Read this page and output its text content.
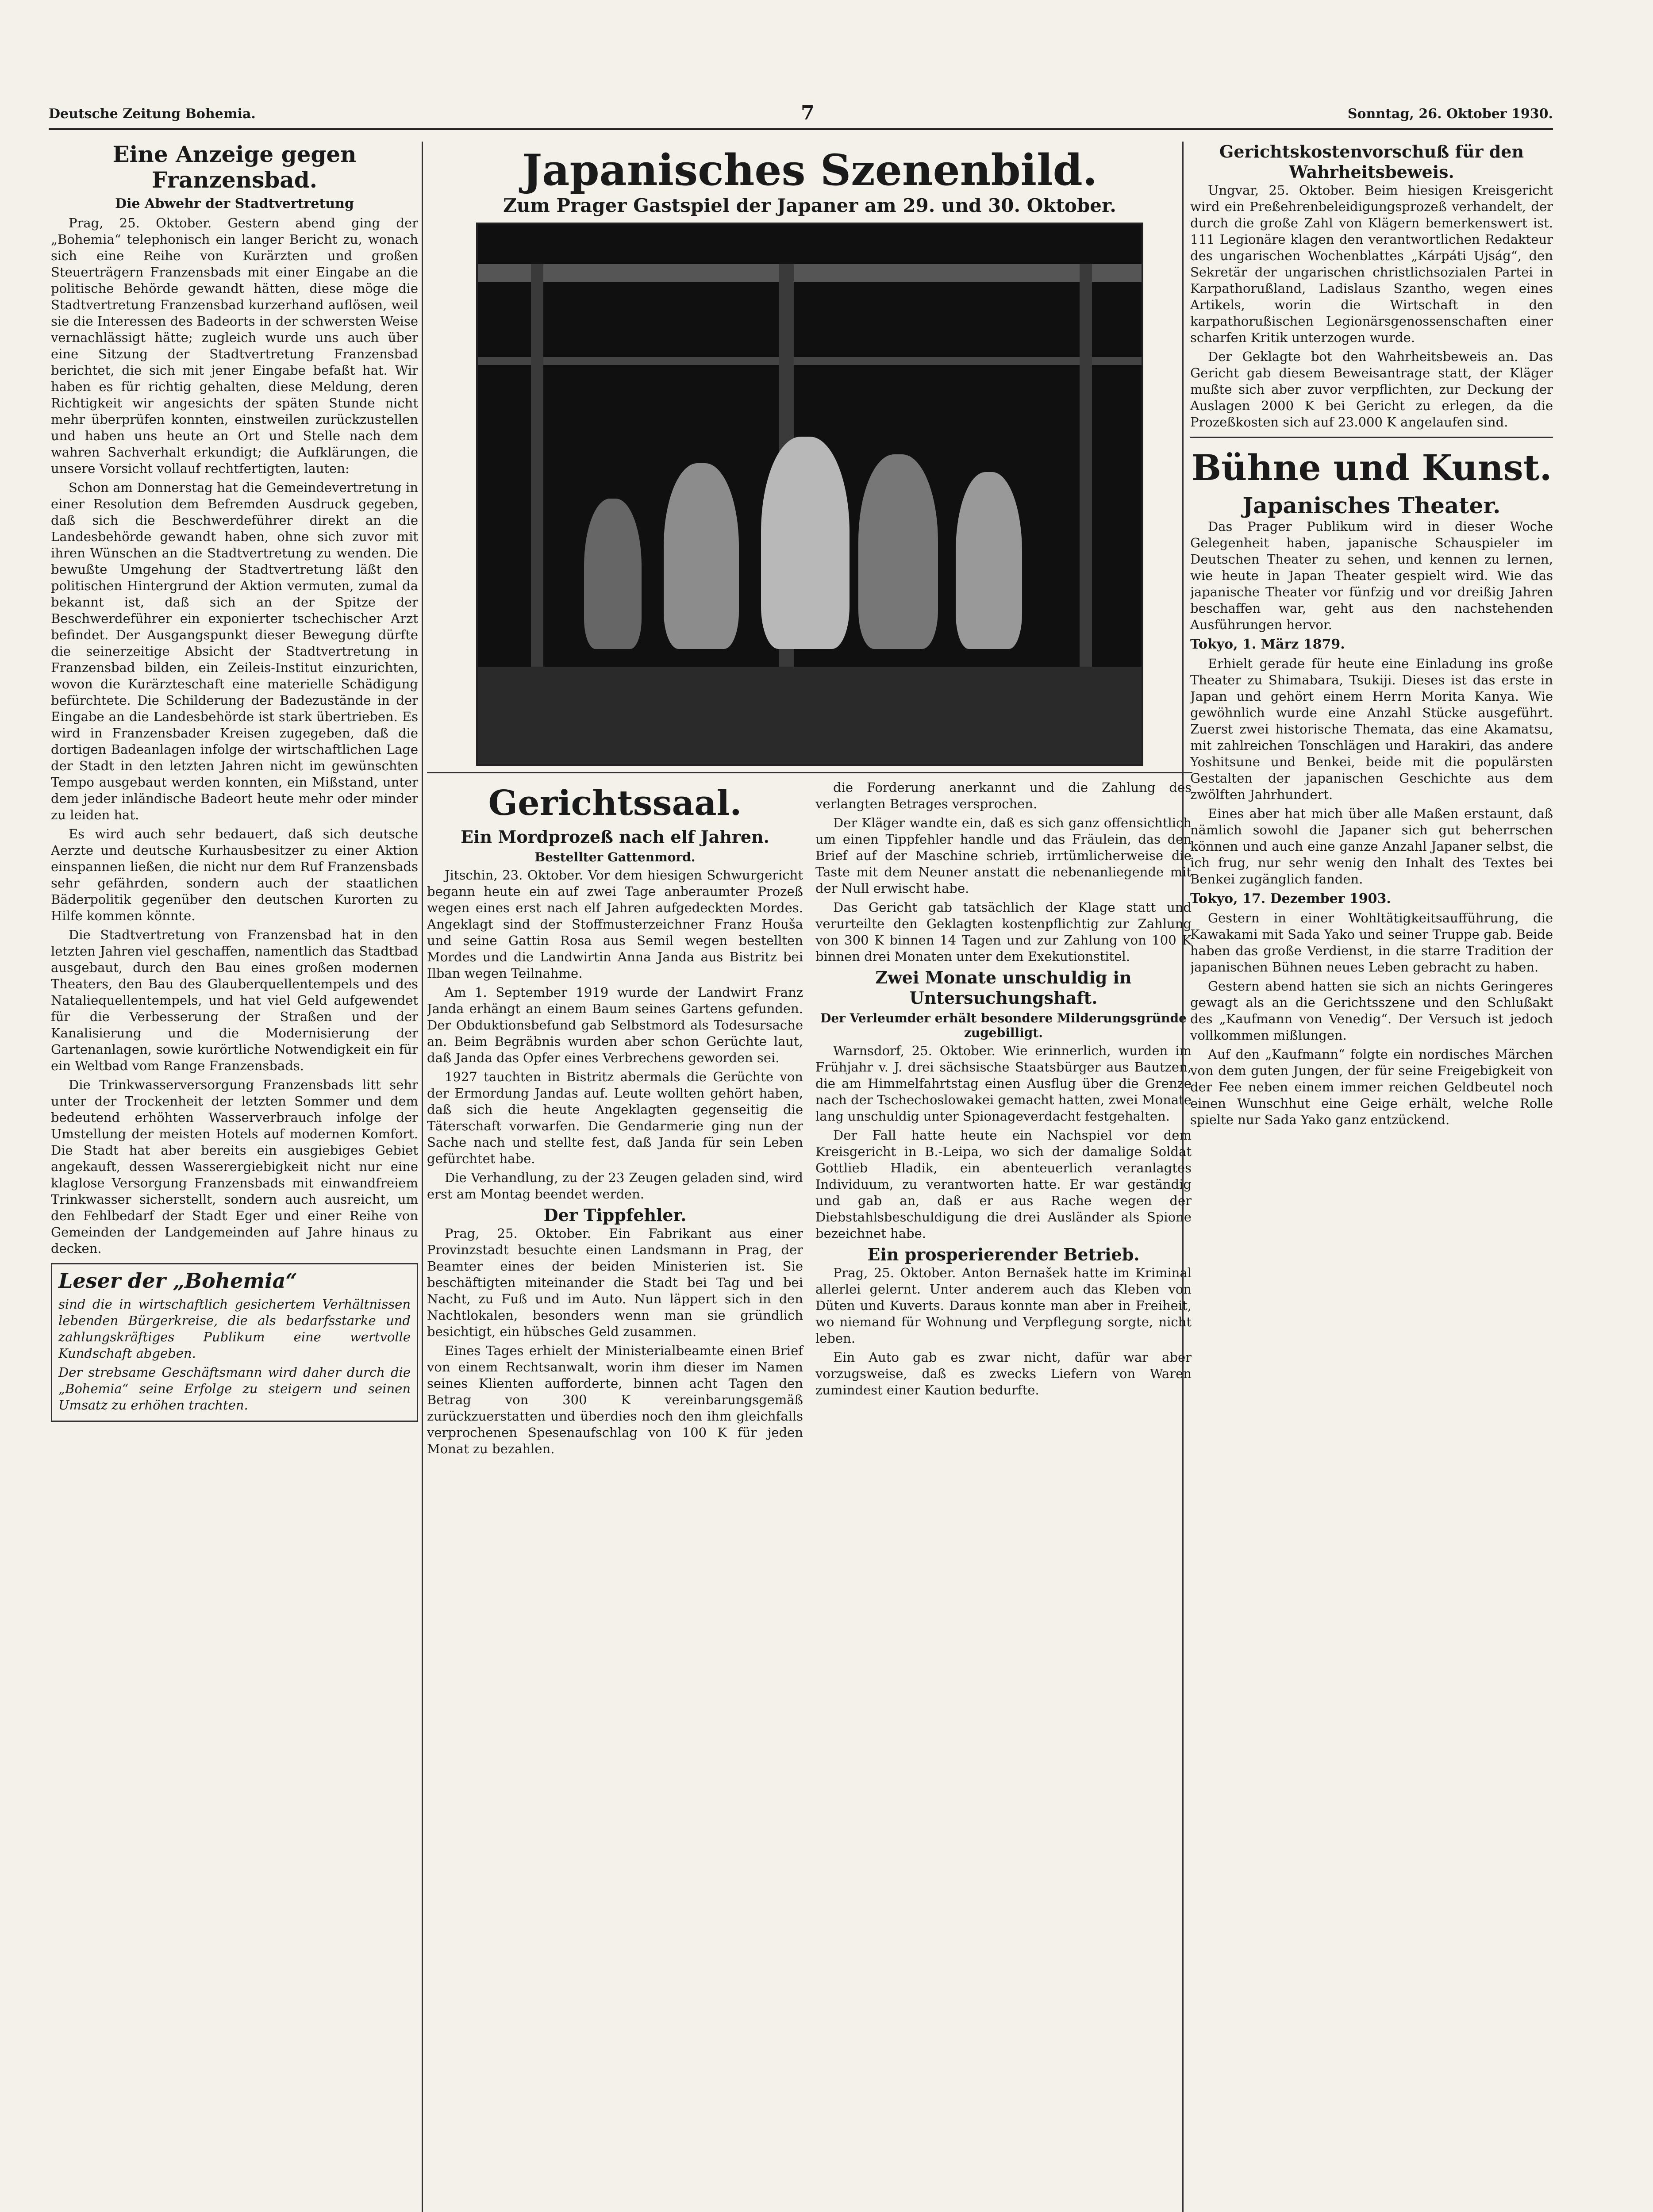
Deutsche Zeitung Bohemia.	7	Sonntag, 26. Oktober 1930.
Eine Anzeige gegen Franzensbad.
Die Abwehr der Stadtvertretung

Prag, 25. Oktober. Gestern abend ging der „Bohemia“ telephonisch ein langer Bericht zu, wonach sich eine Reihe von Kurärzten und großen Steuerträgern Franzensbads mit einer Eingabe an die politische Behörde gewandt hätten, diese möge die Stadtvertretung Franzensbad kurzerhand auflösen, weil sie die Interessen des Badeorts in der schwersten Weise vernachlässigt hätte; zugleich wurde uns auch über eine Sitzung der Stadtvertretung Franzensbad berichtet, die sich mit jener Eingabe befaßt hat. Wir haben es für richtig gehalten, diese Meldung, deren Richtigkeit wir angesichts der späten Stunde nicht mehr überprüfen konnten, einstweilen zurückzustellen und haben uns heute an Ort und Stelle nach dem wahren Sachverhalt erkundigt; die Aufklärungen, die unsere Vorsicht vollauf rechtfertigten, lauten:

Schon am Donnerstag hat die Gemeindevertretung in einer Resolution dem Befremden Ausdruck gegeben, daß sich die Beschwerdeführer direkt an die Landesbehörde gewandt haben, ohne sich zuvor mit ihren Wünschen an die Stadtvertretung zu wenden. Die bewußte Umgehung der Stadtvertretung läßt den politischen Hintergrund der Aktion vermuten, zumal da bekannt ist, daß sich an der Spitze der Beschwerdeführer ein exponierter tschechischer Arzt befindet. Der Ausgangspunkt dieser Bewegung dürfte die seinerzeitige Absicht der Stadtvertretung in Franzensbad bilden, ein Zeileis-Institut einzurichten, wovon die Kurärzteschaft eine materielle Schädigung befürchtete. Die Schilderung der Badezustände in der Eingabe an die Landesbehörde ist stark übertrieben. Es wird in Franzensbader Kreisen zugegeben, daß die dortigen Badeanlagen infolge der wirtschaftlichen Lage der Stadt in den letzten Jahren nicht im gewünschten Tempo ausgebaut werden konnten, ein Mißstand, unter dem jeder inländische Badeort heute mehr oder minder zu leiden hat.

Es wird auch sehr bedauert, daß sich deutsche Aerzte und deutsche Kurhausbesitzer zu einer Aktion einspannen ließen, die nicht nur dem Ruf Franzensbads sehr gefährden, sondern auch der staatlichen Bäderpolitik gegenüber den deutschen Kurorten zu Hilfe kommen könnte.

Die Stadtvertretung von Franzensbad hat in den letzten Jahren viel geschaffen, namentlich das Stadtbad ausgebaut, durch den Bau eines großen modernen Theaters, den Bau des Glauberquellentempels und des Nataliequellentempels, und hat viel Geld aufgewendet für die Verbesserung der Straßen und der Kanalisierung und die Modernisierung der Gartenanlagen, sowie kurörtliche Notwendigkeit ein für ein Weltbad vom Range Franzensbads.

Die Trinkwasserversorgung Franzensbads litt sehr unter der Trockenheit der letzten Sommer und dem bedeutend erhöhten Wasserverbrauch infolge der Umstellung der meisten Hotels auf modernen Komfort. Die Stadt hat aber bereits ein ausgiebiges Gebiet angekauft, dessen Wasserergiebigkeit nicht nur eine klaglose Versorgung Franzensbads mit einwandfreiem Trinkwasser sicherstellt, sondern auch ausreicht, um den Fehlbedarf der Stadt Eger und einer Reihe von Gemeinden der Landgemeinden auf Jahre hinaus zu decken.

Leser der „Bohemia“

sind die in wirtschaftlich gesichertem Verhältnissen lebenden Bürgerkreise, die als bedarfsstarke und zahlungskräftiges Publikum eine wertvolle Kundschaft abgeben.

Der strebsame Geschäftsmann wird daher durch die „Bohemia“ seine Erfolge zu steigern und seinen Umsatz zu erhöhen trachten.

Japanisches Szenenbild.
Zum Prager Gastspiel der Japaner am 29. und 30. Oktober.
Gerichtssaal.
Ein Mordprozeß nach elf Jahren.
Bestellter Gattenmord.

Jitschin, 23. Oktober. Vor dem hiesigen Schwurgericht begann heute ein auf zwei Tage anberaumter Prozeß wegen eines erst nach elf Jahren aufgedeckten Mordes. Angeklagt sind der Stoffmusterzeichner Franz Houša und seine Gattin Rosa aus Semil wegen bestellten Mordes und die Landwirtin Anna Janda aus Bistritz bei Ilban wegen Teilnahme.

Am 1. September 1919 wurde der Landwirt Franz Janda erhängt an einem Baum seines Gartens gefunden. Der Obduktionsbefund gab Selbstmord als Todesursache an. Beim Begräbnis wurden aber schon Gerüchte laut, daß Janda das Opfer eines Verbrechens geworden sei.

1927 tauchten in Bistritz abermals die Gerüchte von der Ermordung Jandas auf. Leute wollten gehört haben, daß sich die heute Angeklagten gegenseitig die Täterschaft vorwarfen. Die Gendarmerie ging nun der Sache nach und stellte fest, daß Janda für sein Leben gefürchtet habe.

Die Verhandlung, zu der 23 Zeugen geladen sind, wird erst am Montag beendet werden.

Der Tippfehler.

Prag, 25. Oktober. Ein Fabrikant aus einer Provinzstadt besuchte einen Landsmann in Prag, der Beamter eines der beiden Ministerien ist. Sie beschäftigten miteinander die Stadt bei Tag und bei Nacht, zu Fuß und im Auto. Nun läppert sich in den Nachtlokalen, besonders wenn man sie gründlich besichtigt, ein hübsches Geld zusammen.

Eines Tages erhielt der Ministerialbeamte einen Brief von einem Rechtsanwalt, worin ihm dieser im Namen seines Klienten aufforderte, binnen acht Tagen den Betrag von 300 K vereinbarungsgemäß zurückzuerstatten und überdies noch den ihm gleichfalls verprochenen Spesenaufschlag von 100 K für jeden Monat zu bezahlen.

die Forderung anerkannt und die Zahlung des verlangten Betrages versprochen.

Der Kläger wandte ein, daß es sich ganz offensichtlich um einen Tippfehler handle und das Fräulein, das den Brief auf der Maschine schrieb, irrtümlicherweise die Taste mit dem Neuner anstatt die nebenanliegende mit der Null erwischt habe.

Das Gericht gab tatsächlich der Klage statt und verurteilte den Geklagten kostenpflichtig zur Zahlung von 300 K binnen 14 Tagen und zur Zahlung von 100 K binnen drei Monaten unter dem Exekutionstitel.

Zwei Monate unschuldig in Untersuchungshaft.
Der Verleumder erhält besondere Milderungsgründe zugebilligt.

Warnsdorf, 25. Oktober. Wie erinnerlich, wurden im Frühjahr v. J. drei sächsische Staatsbürger aus Bautzen, die am Himmelfahrtstag einen Ausflug über die Grenze nach der Tschechoslowakei gemacht hatten, zwei Monate lang unschuldig unter Spionageverdacht festgehalten.

Der Fall hatte heute ein Nachspiel vor dem Kreisgericht in B.-Leipa, wo sich der damalige Soldat Gottlieb Hladik, ein abenteuerlich veranlagtes Individuum, zu verantworten hatte. Er war geständig und gab an, daß er aus Rache wegen der Diebstahlsbeschuldigung die drei Ausländer als Spione bezeichnet habe.

Ein prosperierender Betrieb.

Prag, 25. Oktober. Anton Bernašek hatte im Kriminal allerlei gelernt. Unter anderem auch das Kleben von Düten und Kuverts. Daraus konnte man aber in Freiheit, wo niemand für Wohnung und Verpflegung sorgte, nicht leben.

Ein Auto gab es zwar nicht, dafür war aber vorzugsweise, daß es zwecks Liefern von Waren zumindest einer Kaution bedurfte.

Gerichtskostenvorschuß für den Wahrheitsbeweis.

Ungvar, 25. Oktober. Beim hiesigen Kreisgericht wird ein Preßehrenbeleidigungsprozeß verhandelt, der durch die große Zahl von Klägern bemerkenswert ist. 111 Legionäre klagen den verantwortlichen Redakteur des ungarischen Wochenblattes „Kárpáti Ujság“, den Sekretär der ungarischen christlichsozialen Partei in Karpathorußland, Ladislaus Szantho, wegen eines Artikels, worin die Wirtschaft in den karpathorußischen Legionärsgenossenschaften einer scharfen Kritik unterzogen wurde.

Der Geklagte bot den Wahrheitsbeweis an. Das Gericht gab diesem Beweisantrage statt, der Kläger mußte sich aber zuvor verpflichten, zur Deckung der Auslagen 2000 K bei Gericht zu erlegen, da die Prozeßkosten sich auf 23.000 K angelaufen sind.

Bühne und Kunst.
Japanisches Theater.

Das Prager Publikum wird in dieser Woche Gelegenheit haben, japanische Schauspieler im Deutschen Theater zu sehen, und kennen zu lernen, wie heute in Japan Theater gespielt wird. Wie das japanische Theater vor fünfzig und vor dreißig Jahren beschaffen war, geht aus den nachstehenden Ausführungen hervor.

Tokyo, 1. März 1879.

Erhielt gerade für heute eine Einladung ins große Theater zu Shimabara, Tsukiji. Dieses ist das erste in Japan und gehört einem Herrn Morita Kanya. Wie gewöhnlich wurde eine Anzahl Stücke ausgeführt. Zuerst zwei historische Themata, das eine Akamatsu, mit zahlreichen Tonschlägen und Harakiri, das andere Yoshitsune und Benkei, beide mit die populärsten Gestalten der japanischen Geschichte aus dem zwölften Jahrhundert.

Eines aber hat mich über alle Maßen erstaunt, daß nämlich sowohl die Japaner sich gut beherrschen können und auch eine ganze Anzahl Japaner selbst, die ich frug, nur sehr wenig den Inhalt des Textes bei Benkei zugänglich fanden.

Tokyo, 17. Dezember 1903.

Gestern in einer Wohltätigkeitsaufführung, die Kawakami mit Sada Yako und seiner Truppe gab. Beide haben das große Verdienst, in die starre Tradition der japanischen Bühnen neues Leben gebracht zu haben.

Gestern abend hatten sie sich an nichts Geringeres gewagt als an die Gerichtsszene und den Schlußakt des „Kaufmann von Venedig“. Der Versuch ist jedoch vollkommen mißlungen.

Auf den „Kaufmann“ folgte ein nordisches Märchen von dem guten Jungen, der für seine Freigebigkeit von der Fee neben einem immer reichen Geldbeutel noch einen Wunschhut eine Geige erhält, welche Rolle spielte nur Sada Yako ganz entzückend.
